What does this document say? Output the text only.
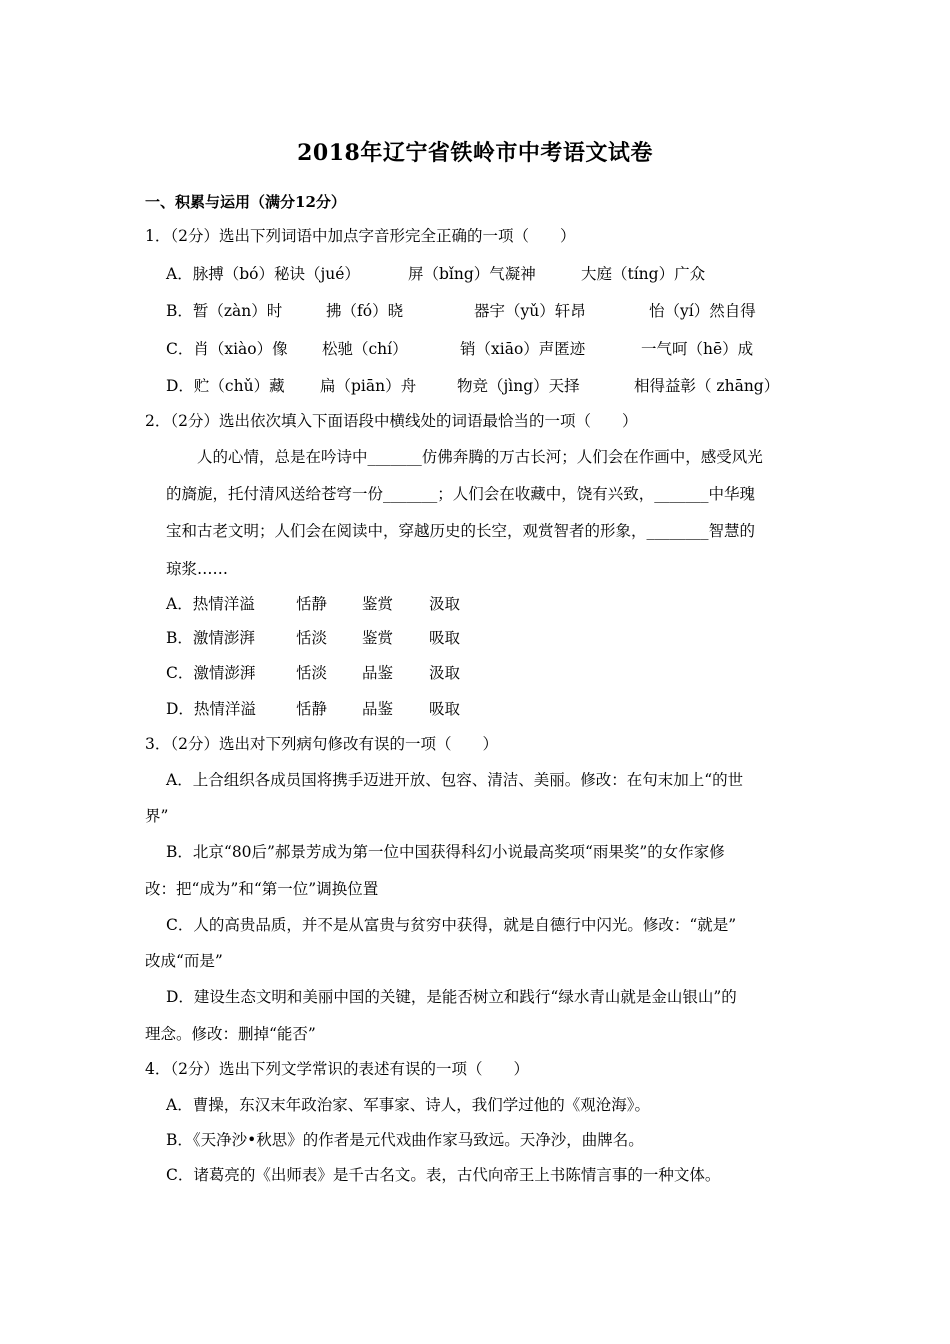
2018年辽宁省铁岭市中考语文试卷
一、积累与运用（满分12分）
1．（2分）选出下列词语中加点字音形完全正确的一项（　　）
A．脉搏（bó）秘诀（jué）	屏（bǐng）气凝神	大庭（tíng）广众
B．暂（zàn）时	拂（fó）晓	器宇（yǔ）轩昂	怡（yí）然自得
C．肖（xiào）像 松驰（chí）	销（xiāo）声匿迹	一气呵（hē）成
D．贮（chǔ）藏 扁（piān）舟	物竞（jìng）天择	相得益彰（ zhāng）
2．（2分）选出依次填入下面语段中横线处的词语最恰当的一项（　　）
人的心情，总是在吟诗中_______仿佛奔腾的万古长河；人们会在作画中，感受风光
的旖旎，托付清风送给苍穹一份_______；人们会在收藏中，饶有兴致，_______中华瑰
宝和古老文明；人们会在阅读中，穿越历史的长空，观赏智者的形象，________智慧的
琼浆……
A．热情洋溢	恬静 鉴赏 汲取
B．激情澎湃	恬淡 鉴赏 吸取
C．激情澎湃	恬淡 品鉴 汲取
D．热情洋溢	恬静 品鉴 吸取
3．（2分）选出对下列病句修改有误的一项（　　）
A．上合组织各成员国将携手迈进开放、包容、清洁、美丽。修改：在句末加上“的世
界”
B．北京“80后”郝景芳成为第一位中国获得科幻小说最高奖项“雨果奖”的女作家修
改：把“成为”和“第一位”调换位置
C．人的高贵品质，并不是从富贵与贫穷中获得，就是自德行中闪光。修改：“就是”
改成“而是”
D．建设生态文明和美丽中国的关键，是能否树立和践行“绿水青山就是金山银山”的
理念。修改：删掉“能否”
4．（2分）选出下列文学常识的表述有误的一项（　　）
A．曹操，东汉末年政治家、军事家、诗人，我们学过他的《观沧海》。
B．《天净沙•秋思》的作者是元代戏曲作家马致远。天净沙，曲牌名。
C．诸葛亮的《出师表》是千古名文。表，古代向帝王上书陈情言事的一种文体。
